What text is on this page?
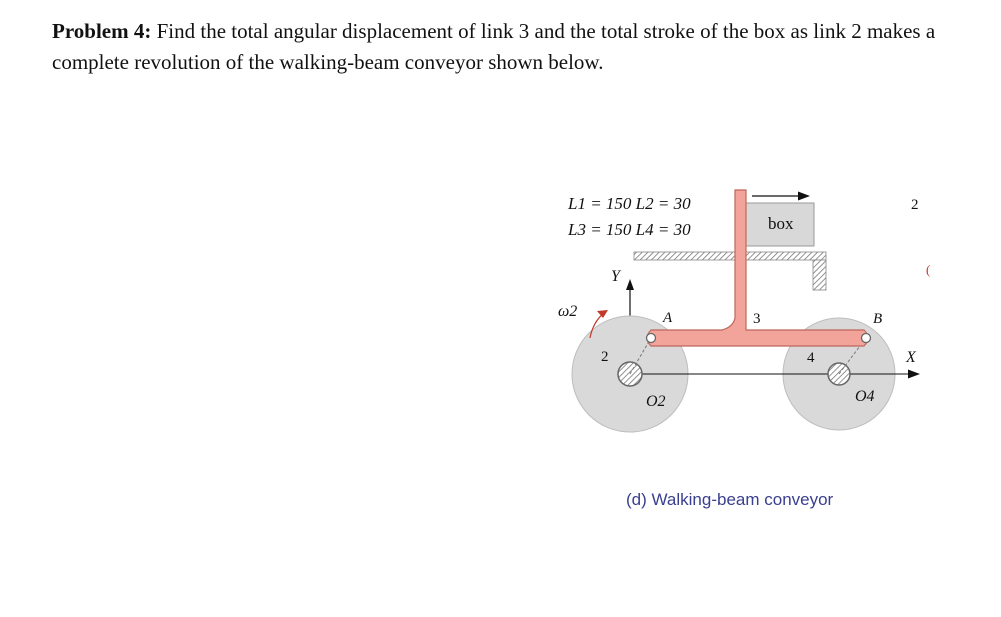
Problem 4: Find the total angular displacement of link 3 and the total stroke of the box as link 2 makes a complete revolution of the walking-beam conveyor shown below.
L1 = 150 L2 = 30
L3 = 150 L4 = 30	box
Y
X
ω2	A	B
3
2	4
O2	O4
2
(
(d) Walking-beam conveyor
